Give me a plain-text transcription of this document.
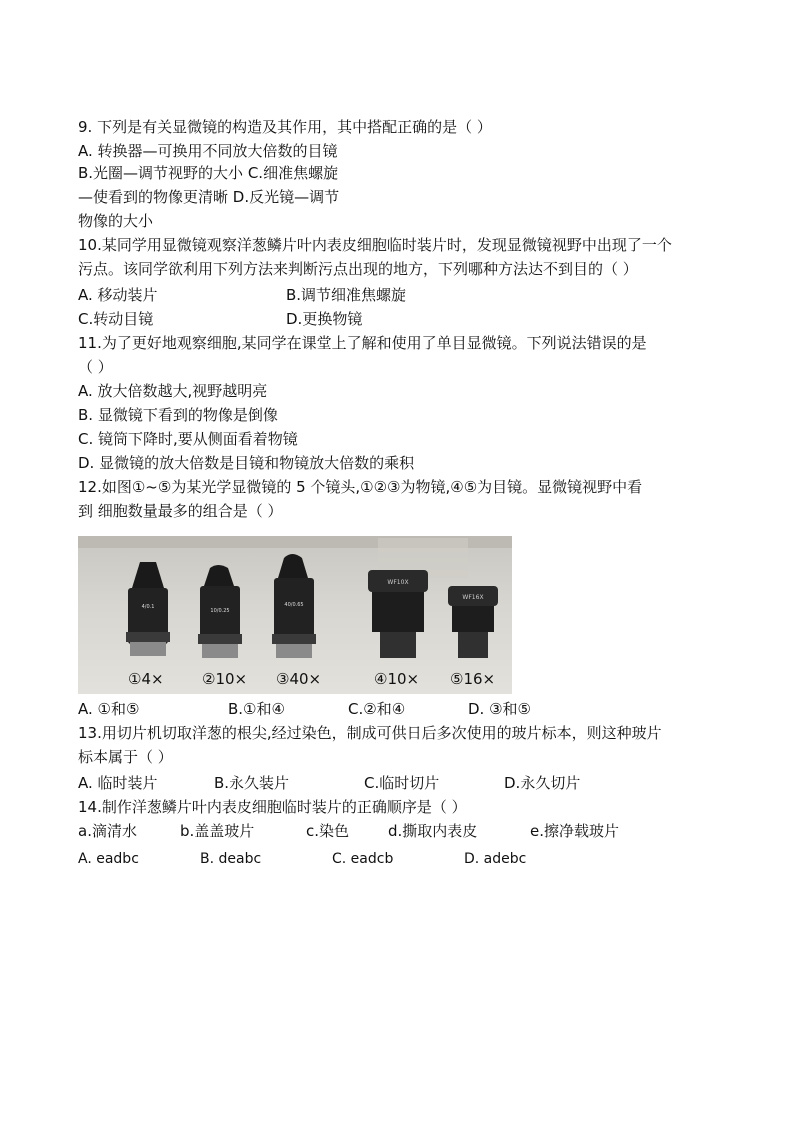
9. 下列是有关显微镜的构造及其作用，其中搭配正确的是（ ）
A. 转换器—可换用不同放大倍数的目镜
B.光圈—调节视野的大小 C.细准焦螺旋
—使看到的物像更清晰 D.反光镜—调节
物像的大小
10.某同学用显微镜观察洋葱鳞片叶内表皮细胞临时装片时，发现显微镜视野中出现了一个
污点。该同学欲利用下列方法来判断污点出现的地方，下列哪种方法达不到目的（ ）
A. 移动装片	B.调节细准焦螺旋
C.转动目镜	D.更换物镜
11.为了更好地观察细胞,某同学在课堂上了解和使用了单目显微镜。下列说法错误的是
（ ）
A. 放大倍数越大,视野越明亮
B. 显微镜下看到的物像是倒像
C. 镜筒下降时,要从侧面看着物镜
D. 显微镜的放大倍数是目镜和物镜放大倍数的乘积
12.如图①~⑤为某光学显微镜的 5 个镜头,①②③为物镜,④⑤为目镜。显微镜视野中看
到 细胞数量最多的组合是（ ）
4/0.1
10/0.25
40/0.65
WF10X
WF16X
①4×	②10× ③40×	④10× ⑤16×
A. ①和⑤	B.①和④	C.②和④	D. ③和⑤
13.用切片机切取洋葱的根尖,经过染色，制成可供日后多次使用的玻片标本，则这种玻片
标本属于（ ）
A. 临时装片	B.永久装片	C.临时切片	D.永久切片
14.制作洋葱鳞片叶内表皮细胞临时装片的正确顺序是（ ）
a.滴清水	b.盖盖玻片	c.染色	d.撕取内表皮	e.擦净载玻片
A. eadbc	B. deabc	C. eadcb	D. adebc
